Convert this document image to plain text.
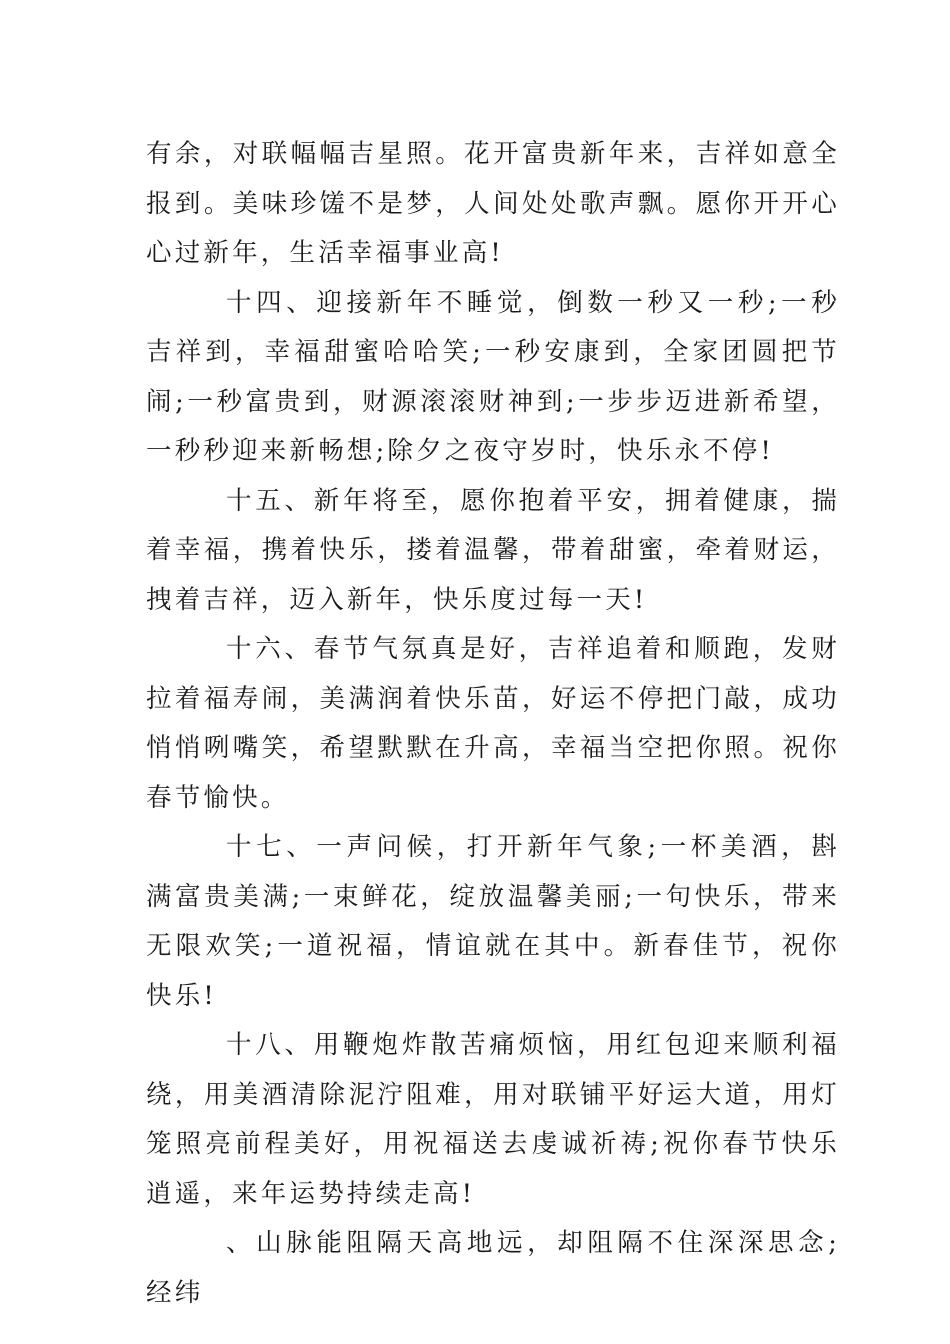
有余，对联幅幅吉星照。花开富贵新年来，吉祥如意全报到。美味珍馐不是梦，人间处处歌声飘。愿你开开心心过新年，生活幸福事业高!

十四、迎接新年不睡觉，倒数一秒又一秒;一秒吉祥到，幸福甜蜜哈哈笑;一秒安康到，全家团圆把节闹;一秒富贵到，财源滚滚财神到;一步步迈进新希望，一秒秒迎来新畅想;除夕之夜守岁时，快乐永不停!

十五、新年将至，愿你抱着平安，拥着健康，揣着幸福，携着快乐，搂着温馨，带着甜蜜，牵着财运，拽着吉祥，迈入新年，快乐度过每一天!

十六、春节气氛真是好，吉祥追着和顺跑，发财拉着福寿闹，美满润着快乐苗，好运不停把门敲，成功悄悄咧嘴笑，希望默默在升高，幸福当空把你照。祝你春节愉快。

十七、一声问候，打开新年气象;一杯美酒，斟满富贵美满;一束鲜花，绽放温馨美丽;一句快乐，带来无限欢笑;一道祝福，情谊就在其中。新春佳节，祝你快乐!

十八、用鞭炮炸散苦痛烦恼，用红包迎来顺利福绕，用美酒清除泥泞阻难，用对联铺平好运大道，用灯笼照亮前程美好，用祝福送去虔诚祈祷;祝你春节快乐逍遥，来年运势持续走高!

、山脉能阻隔天高地远，却阻隔不住深深思念;经纬
